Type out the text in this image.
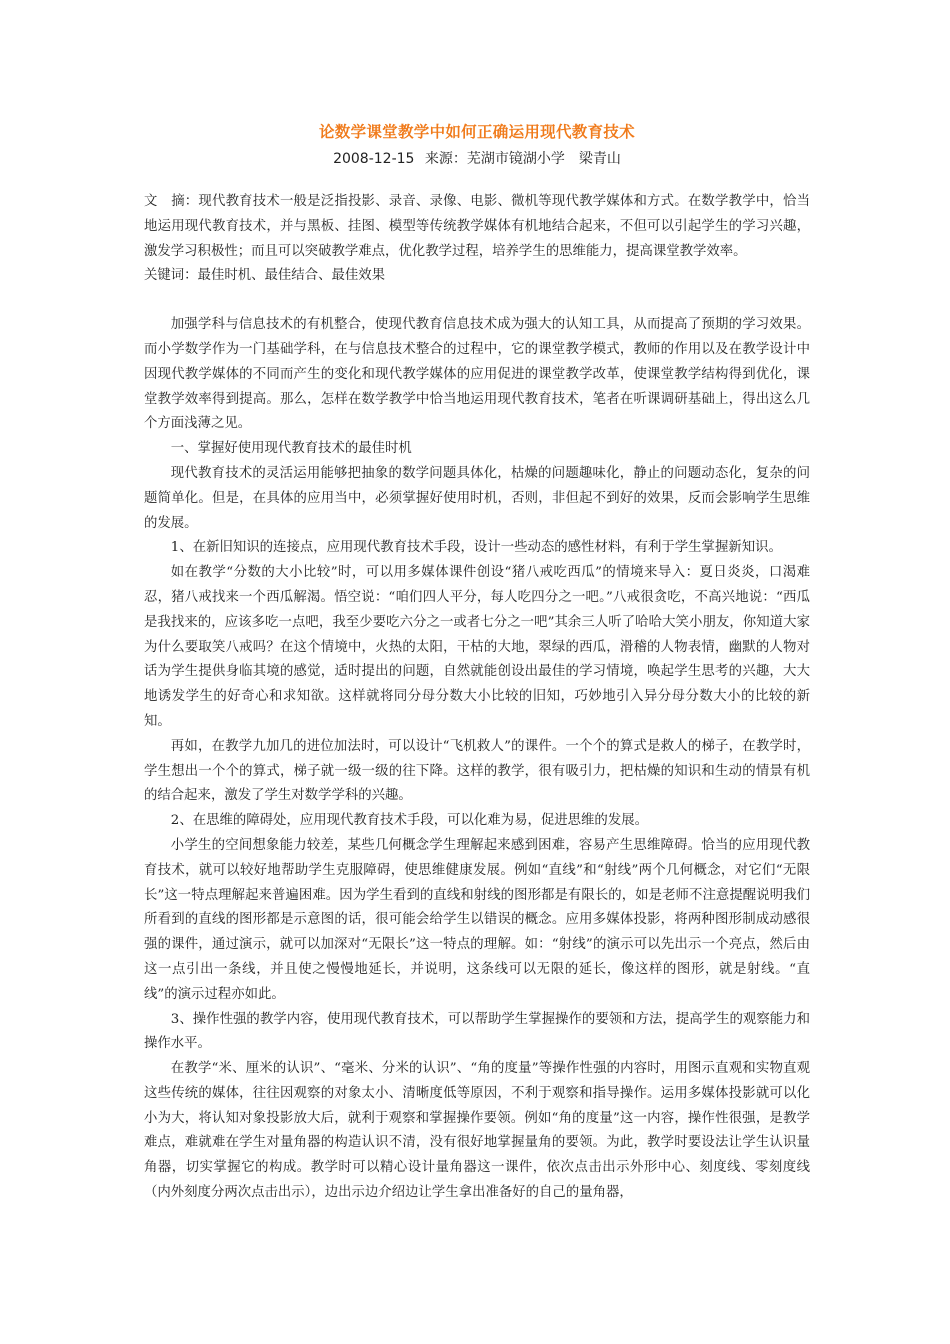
论数学课堂教学中如何正确运用现代教育技术
2008-12-15 来源：芜湖市镜湖小学　梁青山

文　摘：现代教育技术一般是泛指投影、录音、录像、电影、微机等现代教学媒体和方式。在数学教学中，恰当地运用现代教育技术，并与黑板、挂图、模型等传统教学媒体有机地结合起来，不但可以引起学生的学习兴趣，激发学习积极性；而且可以突破教学难点，优化教学过程，培养学生的思维能力，提高课堂教学效率。

关键词：最佳时机、最佳结合、最佳效果

加强学科与信息技术的有机整合，使现代教育信息技术成为强大的认知工具，从而提高了预期的学习效果。而小学数学作为一门基础学科，在与信息技术整合的过程中，它的课堂教学模式，教师的作用以及在教学设计中因现代教学媒体的不同而产生的变化和现代教学媒体的应用促进的课堂教学改革，使课堂教学结构得到优化，课堂教学效率得到提高。那么，怎样在数学教学中恰当地运用现代教育技术，笔者在听课调研基础上，得出这么几个方面浅薄之见。

一、掌握好使用现代教育技术的最佳时机

现代教育技术的灵活运用能够把抽象的数学问题具体化，枯燥的问题趣味化，静止的问题动态化，复杂的问题简单化。但是，在具体的应用当中，必须掌握好使用时机，否则，非但起不到好的效果，反而会影响学生思维的发展。

1、在新旧知识的连接点，应用现代教育技术手段，设计一些动态的感性材料，有利于学生掌握新知识。

如在教学“分数的大小比较”时，可以用多媒体课件创设“猪八戒吃西瓜”的情境来导入：夏日炎炎，口渴难忍，猪八戒找来一个西瓜解渴。悟空说：“咱们四人平分，每人吃四分之一吧。”八戒很贪吃，不高兴地说：“西瓜是我找来的，应该多吃一点吧，我至少要吃六分之一或者七分之一吧”其余三人听了哈哈大笑小朋友，你知道大家为什么要取笑八戒吗？在这个情境中，火热的太阳，干枯的大地，翠绿的西瓜，滑稽的人物表情，幽默的人物对话为学生提供身临其境的感觉，适时提出的问题，自然就能创设出最佳的学习情境，唤起学生思考的兴趣，大大地诱发学生的好奇心和求知欲。这样就将同分母分数大小比较的旧知，巧妙地引入异分母分数大小的比较的新知。

再如，在教学九加几的进位加法时，可以设计“飞机救人”的课件。一个个的算式是救人的梯子，在教学时，学生想出一个个的算式，梯子就一级一级的往下降。这样的教学，很有吸引力，把枯燥的知识和生动的情景有机的结合起来，激发了学生对数学学科的兴趣。

2、在思维的障碍处，应用现代教育技术手段，可以化难为易，促进思维的发展。

小学生的空间想象能力较差，某些几何概念学生理解起来感到困难，容易产生思维障碍。恰当的应用现代教育技术，就可以较好地帮助学生克服障碍，使思维健康发展。例如“直线”和“射线”两个几何概念，对它们“无限长”这一特点理解起来普遍困难。因为学生看到的直线和射线的图形都是有限长的，如是老师不注意提醒说明我们所看到的直线的图形都是示意图的话，很可能会给学生以错误的概念。应用多媒体投影，将两种图形制成动感很强的课件，通过演示，就可以加深对“无限长”这一特点的理解。如：“射线”的演示可以先出示一个亮点，然后由这一点引出一条线，并且使之慢慢地延长，并说明，这条线可以无限的延长，像这样的图形，就是射线。“直线”的演示过程亦如此。

3、操作性强的教学内容，使用现代教育技术，可以帮助学生掌握操作的要领和方法，提高学生的观察能力和操作水平。

在教学“米、厘米的认识”、“毫米、分米的认识”、“角的度量”等操作性强的内容时，用图示直观和实物直观这些传统的媒体，往往因观察的对象太小、清晰度低等原因，不利于观察和指导操作。运用多媒体投影就可以化小为大，将认知对象投影放大后，就利于观察和掌握操作要领。例如“角的度量”这一内容，操作性很强，是教学难点，难就难在学生对量角器的构造认识不清，没有很好地掌握量角的要领。为此，教学时要设法让学生认识量角器，切实掌握它的构成。教学时可以精心设计量角器这一课件，依次点击出示外形中心、刻度线、零刻度线（内外刻度分两次点击出示），边出示边介绍边让学生拿出准备好的自己的量角器，
